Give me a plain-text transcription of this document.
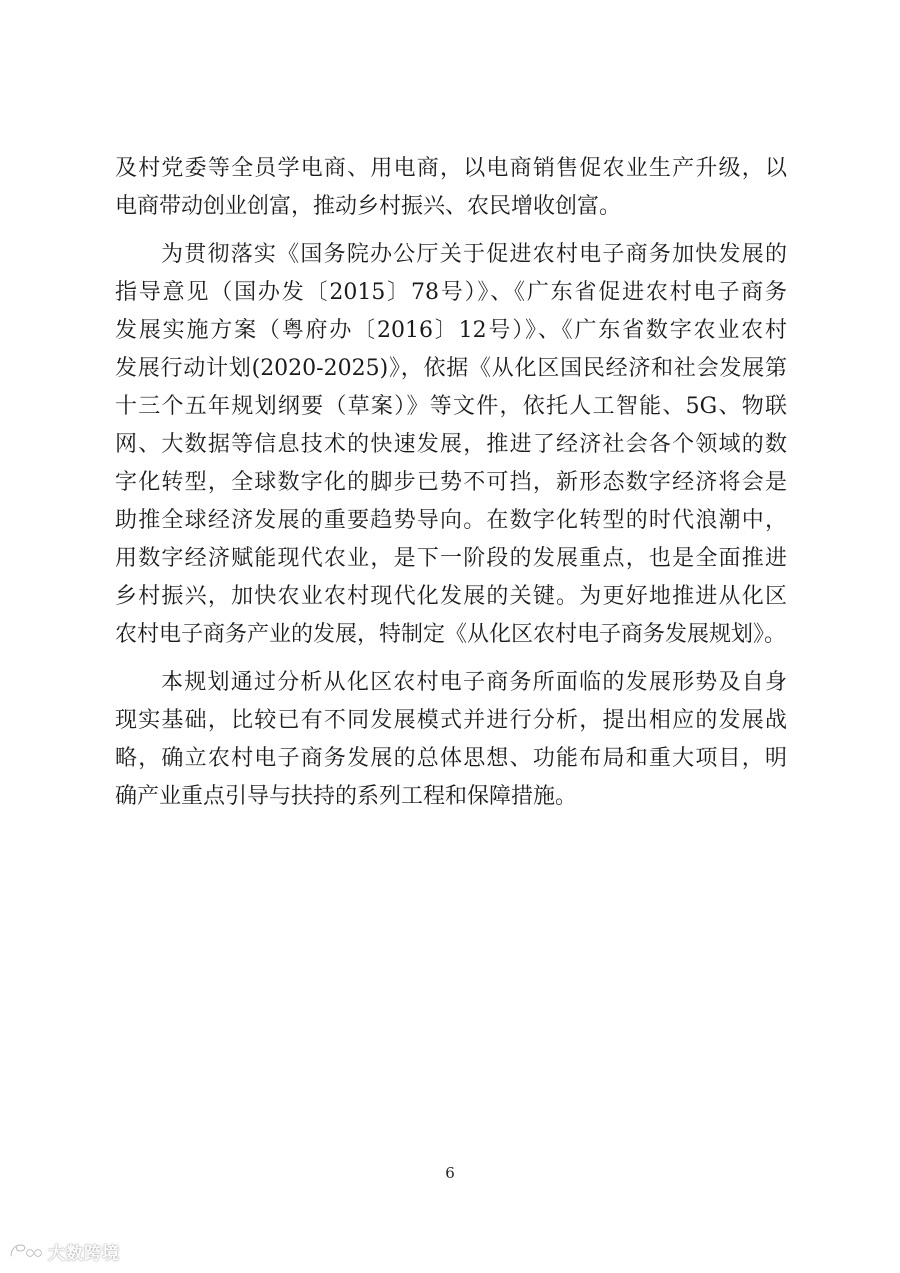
及村党委等全员学电商、用电商，以电商销售促农业生产升级，以
电商带动创业创富，推动乡村振兴、农民增收创富。
为贯彻落实《国务院办公厅关于促进农村电子商务加快发展的
指导意见（国办发〔2015〕78号）》、《广东省促进农村电子商务
发展实施方案（粤府办〔2016〕12号）》、《广东省数字农业农村
发展行动计划(2020-2025)》，依据《从化区国民经济和社会发展第
十三个五年规划纲要（草案）》等文件，依托人工智能、5G、物联
网、大数据等信息技术的快速发展，推进了经济社会各个领域的数
字化转型，全球数字化的脚步已势不可挡，新形态数字经济将会是
助推全球经济发展的重要趋势导向。在数字化转型的时代浪潮中，
用数字经济赋能现代农业，是下一阶段的发展重点，也是全面推进
乡村振兴，加快农业农村现代化发展的关键。为更好地推进从化区
农村电子商务产业的发展，特制定《从化区农村电子商务发展规划》。
本规划通过分析从化区农村电子商务所面临的发展形势及自身
现实基础，比较已有不同发展模式并进行分析，提出相应的发展战
略，确立农村电子商务发展的总体思想、功能布局和重大项目，明
确产业重点引导与扶持的系列工程和保障措施。
6
大数跨境
